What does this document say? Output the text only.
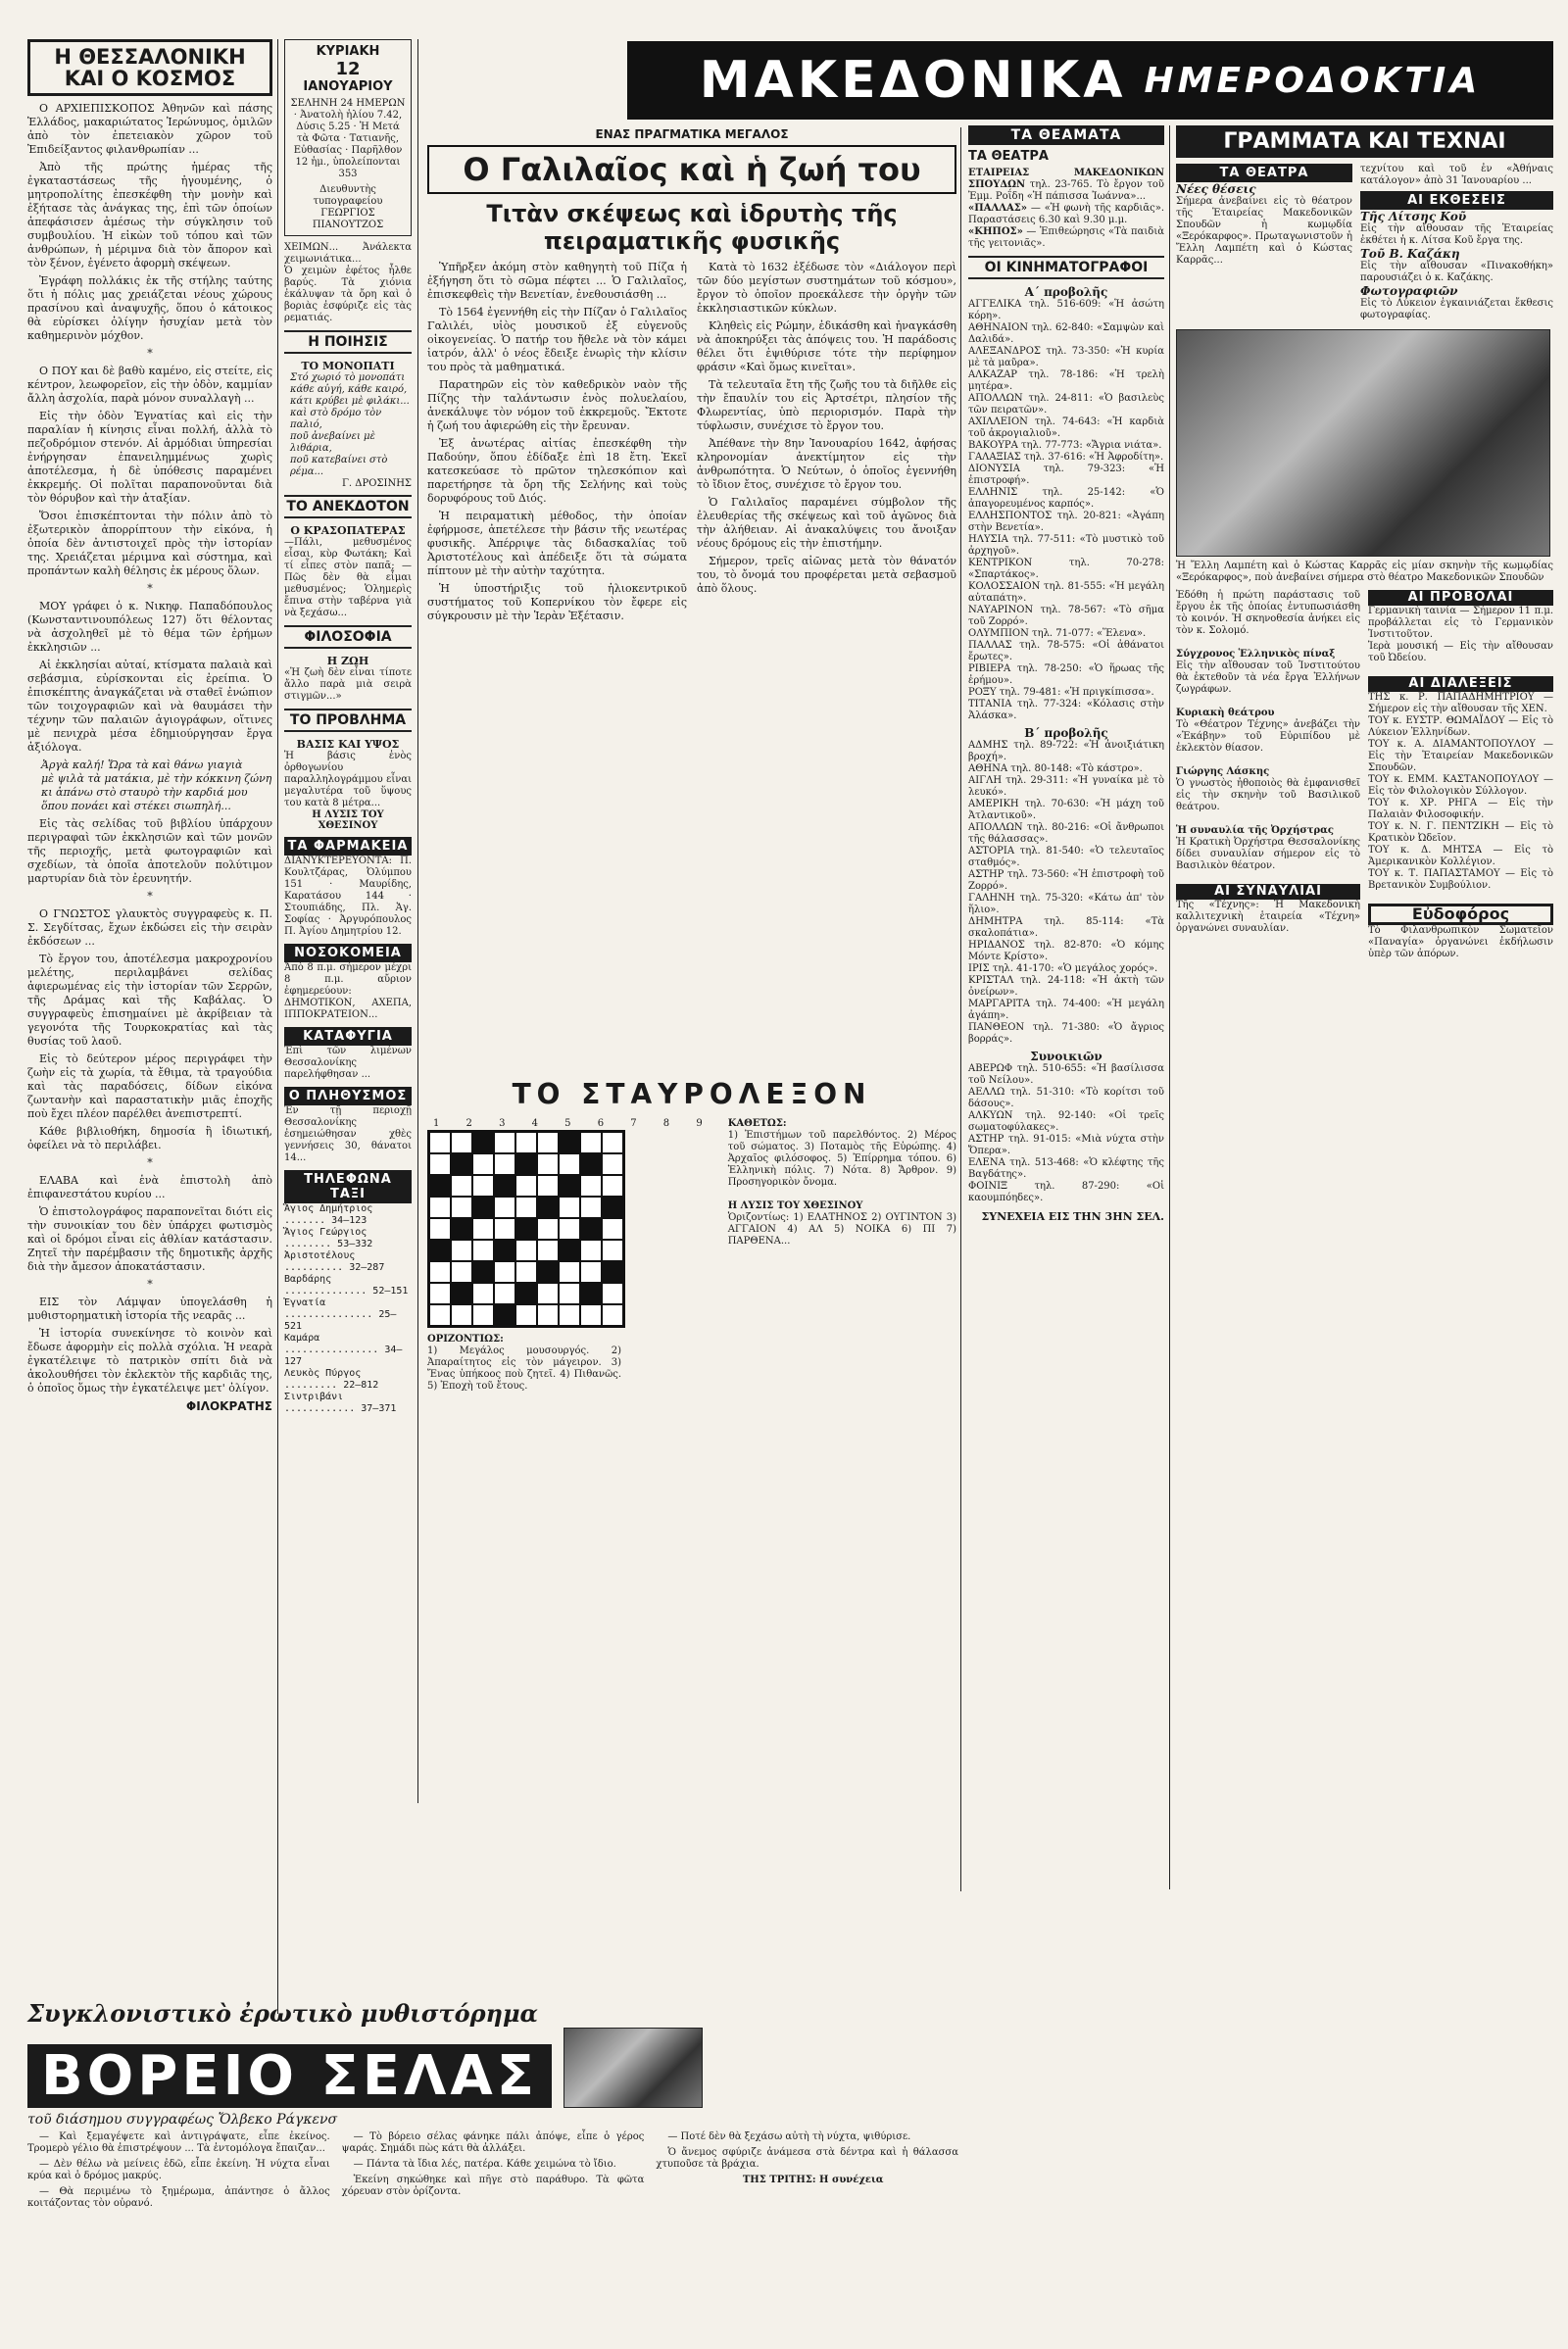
Η ΘΕΣΣΑΛΟΝΙΚΗ
ΚΑΙ Ο ΚΟΣΜΟΣ

Ο ΑΡΧΙΕΠΙΣΚΟΠΟΣ Ἀθηνῶν καὶ πάσης Ἑλλάδος, μακαριώτατος Ἱερώνυμος, ὁμιλῶν ἀπὸ τὸν ἐπετειακὸν χῶρον τοῦ Ἐπιδείξαντος φιλανθρωπίαν ...

Ἀπὸ τῆς πρώτης ἡμέρας τῆς ἐγκαταστάσεως τῆς ἡγουμένης, ὁ μητροπολίτης ἐπεσκέφθη τὴν μονὴν καὶ ἐξήτασε τὰς ἀνάγκας της, ἐπὶ τῶν ὁποίων ἀπεφάσισεν ἀμέσως τὴν σύγκλησιν τοῦ συμβουλίου. Ἡ εἰκὼν τοῦ τόπου καὶ τῶν ἀνθρώπων, ἡ μέριμνα διὰ τὸν ἄπορον καὶ τὸν ξένον, ἐγένετο ἀφορμὴ σκέψεων.

Ἐγράφη πολλάκις ἐκ τῆς στήλης ταύτης ὅτι ἡ πόλις μας χρειάζεται νέους χώρους πρασίνου καὶ ἀναψυχῆς, ὅπου ὁ κάτοικος θὰ εὑρίσκει ὀλίγην ἡσυχίαν μετὰ τὸν καθημερινὸν μόχθον.

*

Ο ΠΟΥ και δὲ βαθὺ καμένο, εἰς στείτε, εἰς κέντρον, λεωφορεῖον, εἰς τὴν ὁδὸν, καμμίαν ἄλλη ἀσχολία, παρὰ μόνον συναλλαγὴ ...

Εἰς τὴν ὁδὸν Ἐγνατίας καὶ εἰς τὴν παραλίαν ἡ κίνησις εἶναι πολλή, ἀλλὰ τὸ πεζοδρόμιον στενόν. Αἱ ἀρμόδιαι ὑπηρεσίαι ἐνήργησαν ἐπανειλημμένως χωρὶς ἀποτέλεσμα, ἡ δὲ ὑπόθεσις παραμένει ἐκκρεμής. Οἱ πολῖται παραπονοῦνται διὰ τὸν θόρυβον καὶ τὴν ἀταξίαν.

Ὅσοι ἐπισκέπτονται τὴν πόλιν ἀπὸ τὸ ἐξωτερικὸν ἀπορρίπτουν τὴν εἰκόνα, ἡ ὁποία δὲν ἀντιστοιχεῖ πρὸς τὴν ἱστορίαν της. Χρειάζεται μέριμνα καὶ σύστημα, καὶ προπάντων καλὴ θέλησις ἐκ μέρους ὅλων.

*

ΜΟΥ γράφει ὁ κ. Νικηφ. Παπαδόπουλος (Κωνσταντινουπόλεως 127) ὅτι θέλοντας νὰ ἀσχοληθεῖ μὲ τὸ θέμα τῶν ἐρήμων ἐκκλησιῶν ...

Αἱ ἐκκλησίαι αὐταί, κτίσματα παλαιὰ καὶ σεβάσμια, εὑρίσκονται εἰς ἐρείπια. Ὁ ἐπισκέπτης ἀναγκάζεται νὰ σταθεῖ ἐνώπιον τῶν τοιχογραφιῶν καὶ νὰ θαυμάσει τὴν τέχνην τῶν παλαιῶν ἁγιογράφων, οἵτινες μὲ πενιχρὰ μέσα ἐδημιούργησαν ἔργα ἀξιόλογα.

Ἀργὰ καλή! Ὥρα τὰ καὶ θάνω γιαγιὰ
μὲ ψιλὰ τὰ ματάκια, μὲ τὴν κόκκινη ζώνη
κι ἀπάνω στὸ σταυρὸ τὴν καρδιά μου
ὅπου πονάει καὶ στέκει σιωπηλή...

Εἰς τὰς σελίδας τοῦ βιβλίου ὑπάρχουν περιγραφαὶ τῶν ἐκκλησιῶν καὶ τῶν μονῶν τῆς περιοχῆς, μετὰ φωτογραφιῶν καὶ σχεδίων, τὰ ὁποῖα ἀποτελοῦν πολύτιμον μαρτυρίαν διὰ τὸν ἐρευνητήν.

*

Ο ΓΝΩΣΤΟΣ γλαυκτὸς συγγραφεὺς κ. Π. Σ. Σεγδίτσας, ἔχων ἐκδώσει εἰς τὴν σειρὰν ἐκδόσεων ...

Τὸ ἔργον του, ἀποτέλεσμα μακροχρονίου μελέτης, περιλαμβάνει σελίδας ἀφιερωμένας εἰς τὴν ἱστορίαν τῶν Σερρῶν, τῆς Δράμας καὶ τῆς Καβάλας. Ὁ συγγραφεὺς ἐπισημαίνει μὲ ἀκρίβειαν τὰ γεγονότα τῆς Τουρκοκρατίας καὶ τὰς θυσίας τοῦ λαοῦ.

Εἰς τὸ δεύτερον μέρος περιγράφει τὴν ζωὴν εἰς τὰ χωρία, τὰ ἔθιμα, τὰ τραγούδια καὶ τὰς παραδόσεις, δίδων εἰκόνα ζωντανὴν καὶ παραστατικὴν μιᾶς ἐποχῆς ποὺ ἔχει πλέον παρέλθει ἀνεπιστρεπτί.

Κάθε βιβλιοθήκη, δημοσία ἢ ἰδιωτική, ὀφείλει νὰ τὸ περιλάβει.

*

ΕΛΑΒΑ καὶ ἑνὰ ἐπιστολὴ ἀπὸ ἐπιφανεστάτου κυρίου ...

Ὁ ἐπιστολογράφος παραπονεῖται διότι εἰς τὴν συνοικίαν του δὲν ὑπάρχει φωτισμὸς καὶ οἱ δρόμοι εἶναι εἰς ἀθλίαν κατάστασιν. Ζητεῖ τὴν παρέμβασιν τῆς δημοτικῆς ἀρχῆς διὰ τὴν ἄμεσον ἀποκατάστασιν.

*

ΕΙΣ τὸν Λάμψαν ὑπογελάσθη ἡ μυθιστορηματικὴ ἱστορία τῆς νεαρᾶς ...

Ἡ ἱστορία συνεκίνησε τὸ κοινὸν καὶ ἔδωσε ἀφορμὴν εἰς πολλὰ σχόλια. Ἡ νεαρὰ ἐγκατέλειψε τὸ πατρικὸν σπίτι διὰ νὰ ἀκολουθήσει τὸν ἐκλεκτὸν τῆς καρδιᾶς της, ὁ ὁποῖος ὅμως τὴν ἐγκατέλειψε μετ' ὀλίγον.

ΦΙΛΟΚΡΑΤΗΣ
ΚΥΡΙΑΚΗ
12
ΙΑΝΟΥΑΡΙΟΥ
ΣΕΛΗΝΗ 24 ΗΜΕΡΩΝ · Ἀνατολὴ ἡλίου 7.42, Δύσις 5.25 · Ἡ Μετά τὰ Φῶτα · Τατιανῆς, Εὐθασίας · Παρῆλθον 12 ἡμ., ὑπολείπονται 353
Διευθυντὴς τυπογραφείου ΓΕΩΡΓΙΟΣ ΠΙΑΝΟΥΤΖΟΣ
ΧΕΙΜΩΝ... Ἀνάλεκτα χειμωνιάτικα...
Ὁ χειμὼν ἐφέτος ἦλθε βαρύς. Τὰ χιόνια ἐκάλυψαν τὰ ὄρη καὶ ὁ βοριὰς ἐσφύριζε εἰς τὰς ρεματιάς.
Η ΠΟΙΗΣΙΣ
ΤΟ ΜΟΝΟΠΑΤΙ
Στό χωριό τὸ μονοπάτι
κάθε αὐγή, κάθε καιρό,
κάτι κρύβει μὲ φιλάκι...
καὶ στὸ δρόμο τὸν παλιό,
ποῦ ἀνεβαίνει μὲ λιθάρια,
ποῦ κατεβαίνει στὸ ρέμα...
Γ. ΔΡΟΣΙΝΗΣ
ΤΟ ΑΝΕΚΔΟΤΟΝ
Ο ΚΡΑΣΟΠΑΤΕΡΑΣ
—Πάλι, μεθυσμένος εἶσαι, κὺρ Φωτάκη; Καὶ τί εἶπες στὸν παπᾶ; —Πῶς δὲν θὰ εἶμαι μεθυσμένος; Ὁλημερὶς ἔπινα στὴν ταβέρνα γιὰ νὰ ξεχάσω...
ΦΙΛΟΣΟΦΙΑ
Η ΖΩΗ
«Ἡ ζωὴ δὲν εἶναι τίποτε ἄλλο παρὰ μιὰ σειρὰ στιγμῶν...»
ΤΟ ΠΡΟΒΛΗΜΑ
ΒΑΣΙΣ ΚΑΙ ΥΨΟΣ
Ἡ βάσις ἑνὸς ὀρθογωνίου παραλληλογράμμου εἶναι μεγαλυτέρα τοῦ ὕψους του κατὰ 8 μέτρα...
Η ΛΥΣΙΣ ΤΟΥ ΧΘΕΣΙΝΟΥ
ΤΑ ΦΑΡΜΑΚΕΙΑ
ΔΙΑΝΥΚΤΕΡΕΥΟΝΤΑ: Π. Κουλτζάρας, Ὀλύμπου 151 · Μαυρίδης, Καρατάσου 144 · Στουπιάδης, Πλ. Ἁγ. Σοφίας · Ἀργυρόπουλος Π. Ἀγίου Δημητρίου 12.
ΝΟΣΟΚΟΜΕΙΑ
Ἀπὸ 8 π.μ. σήμερον μέχρι 8 π.μ. αὔριον ἐφημερεύουν: ΔΗΜΟΤΙΚΟΝ, ΑΧΕΠΑ, ΙΠΠΟΚΡΑΤΕΙΟΝ...
ΚΑΤΑΦΥΓΙΑ
Ἐπὶ τῶν λιμένων Θεσσαλονίκης παρελήφθησαν ...
Ο ΠΛΗΘΥΣΜΟΣ
Ἐν τῇ περιοχῇ Θεσσαλονίκης ἐσημειώθησαν χθὲς γεννήσεις 30, θάνατοι 14...
ΤΗΛΕΦΩΝΑ ΤΑΞΙ
Ἄγιος Δημήτριος ....... 34—123
Ἄγιος Γεώργιος ........ 53—332
Ἀριστοτέλους .......... 32—287
Βαρδάρης .............. 52—151
Ἐγνατία ............... 25—521
Καμάρα ................ 34—127
Λευκὸς Πύργος ......... 22—812
Σιντριβάνι ............ 37—371
ΜΑΚΕΔΟΝΙΚΑ ΗΜΕΡΟΔΟΚΤΙΑ
ΕΝΑΣ ΠΡΑΓΜΑΤΙΚΑ ΜΕΓΑΛΟΣ
Ο Γαλιλαῖος καὶ ἡ ζωή του
Τιτὰν σκέψεως καὶ ἱδρυτὴς τῆς πειραματικῆς φυσικῆς

Ὑπῆρξεν ἀκόμη στὸν καθηγητὴ τοῦ Πίζα ἡ ἐξήγηση ὅτι τὸ σῶμα πέφτει ... Ὁ Γαλιλαῖος, ἐπισκεφθεὶς τὴν Βενετίαν, ἐνεθουσιάσθη ...

Τὸ 1564 ἐγεννήθη εἰς τὴν Πίζαν ὁ Γαλιλαῖος Γαλιλέι, υἱὸς μουσικοῦ ἐξ εὐγενοῦς οἰκογενείας. Ὁ πατήρ του ἤθελε νὰ τὸν κάμει ἰατρόν, ἀλλ' ὁ νέος ἔδειξε ἐνωρὶς τὴν κλίσιν του πρὸς τὰ μαθηματικά.

Παρατηρῶν εἰς τὸν καθεδρικὸν ναὸν τῆς Πίζης τὴν ταλάντωσιν ἑνὸς πολυελαίου, ἀνεκάλυψε τὸν νόμον τοῦ ἐκκρεμοῦς. Ἔκτοτε ἡ ζωή του ἀφιερώθη εἰς τὴν ἔρευναν.

Ἐξ ἀνωτέρας αἰτίας ἐπεσκέφθη τὴν Παδούην, ὅπου ἐδίδαξε ἐπὶ 18 ἔτη. Ἐκεῖ κατεσκεύασε τὸ πρῶτον τηλεσκόπιον καὶ παρετήρησε τὰ ὄρη τῆς Σελήνης καὶ τοὺς δορυφόρους τοῦ Διός.

Ἡ πειραματικὴ μέθοδος, τὴν ὁποίαν ἐφήρμοσε, ἀπετέλεσε τὴν βάσιν τῆς νεωτέρας φυσικῆς. Ἀπέρριψε τὰς διδασκαλίας τοῦ Ἀριστοτέλους καὶ ἀπέδειξε ὅτι τὰ σώματα πίπτουν μὲ τὴν αὐτὴν ταχύτητα.

Ἡ ὑποστήριξις τοῦ ἡλιοκεντρικοῦ συστήματος τοῦ Κοπερνίκου τὸν ἔφερε εἰς σύγκρουσιν μὲ τὴν Ἱερὰν Ἐξέτασιν.

Κατὰ τὸ 1632 ἐξέδωσε τὸν «Διάλογον περὶ τῶν δύο μεγίστων συστημάτων τοῦ κόσμου», ἔργον τὸ ὁποῖον προεκάλεσε τὴν ὀργὴν τῶν ἐκκλησιαστικῶν κύκλων.

Κληθεὶς εἰς Ρώμην, ἐδικάσθη καὶ ἠναγκάσθη νὰ ἀποκηρύξει τὰς ἀπόψεις του. Ἡ παράδοσις θέλει ὅτι ἐψιθύρισε τότε τὴν περίφημον φράσιν «Καὶ ὅμως κινεῖται».

Τὰ τελευταῖα ἔτη τῆς ζωῆς του τὰ διῆλθε εἰς τὴν ἔπαυλίν του εἰς Ἀρτσέτρι, πλησίον τῆς Φλωρεντίας, ὑπὸ περιορισμόν. Παρὰ τὴν τύφλωσιν, συνέχισε τὸ ἔργον του.

Ἀπέθανε τὴν 8ην Ἰανουαρίου 1642, ἀφήσας κληρονομίαν ἀνεκτίμητον εἰς τὴν ἀνθρωπότητα. Ὁ Νεύτων, ὁ ὁποῖος ἐγεννήθη τὸ ἴδιον ἔτος, συνέχισε τὸ ἔργον του.

Ὁ Γαλιλαῖος παραμένει σύμβολον τῆς ἐλευθερίας τῆς σκέψεως καὶ τοῦ ἀγῶνος διὰ τὴν ἀλήθειαν. Αἱ ἀνακαλύψεις του ἄνοιξαν νέους δρόμους εἰς τὴν ἐπιστήμην.

Σήμερον, τρεῖς αἰῶνας μετὰ τὸν θάνατόν του, τὸ ὄνομά του προφέρεται μετὰ σεβασμοῦ ἀπὸ ὅλους.

ΤΟ ΣΤΑΥΡΟΛΕΞΟΝ
1 2 3 4 5 6 7 8 9
ΟΡΙΖΟΝΤΙΩΣ:
1) Μεγάλος μουσουργός. 2) Ἀπαραίτητος εἰς τὸν μάγειρον. 3) Ἔνας ὑπήκοος ποὺ ζητεῖ. 4) Πιθανῶς. 5) Ἐποχὴ τοῦ ἔτους.
ΚΑΘΕΤΩΣ:
1) Ἐπιστήμων τοῦ παρελθόντος. 2) Μέρος τοῦ σώματος. 3) Ποταμὸς τῆς Εὐρώπης. 4) Ἀρχαῖος φιλόσοφος. 5) Ἐπίρρημα τόπου. 6) Ἑλληνικὴ πόλις. 7) Νότα. 8) Ἄρθρον. 9) Προσηγορικὸν ὄνομα.

Η ΛΥΣΙΣ ΤΟΥ ΧΘΕΣΙΝΟΥ
Ὁριζοντίως: 1) ΕΛΑΤΗΝΟΣ 2) ΟΥΓΙΝΤΟΝ 3) ΑΓΓΑΙΟΝ 4) ΑΛ 5) ΝΟΙΚΑ 6) ΠΙ 7) ΠΑΡΘΕΝΑ...
ΤΑ ΘΕΑΜΑΤΑ
ΤΑ ΘΕΑΤΡΑ
ΕΤΑΙΡΕΙΑΣ ΜΑΚΕΔΟΝΙΚΩΝ ΣΠΟΥΔΩΝ τηλ. 23-765. Τὸ ἔργον τοῦ Ἐμμ. Ροΐδη «Ἡ πάπισσα Ἰωάννα»...
«ΠΑΛΛΑΣ» — «Ἡ φωνὴ τῆς καρδιᾶς». Παραστάσεις 6.30 καὶ 9.30 μ.μ.
«ΚΗΠΟΣ» — Ἐπιθεώρησις «Τὰ παιδιὰ τῆς γειτονιᾶς».
ΟΙ ΚΙΝΗΜΑΤΟΓΡΑΦΟΙ
Α΄ προβολῆς
ΑΓΓΕΛΙΚΑ τηλ. 516-609: «Ἡ ἀσώτη κόρη».
ΑΘΗΝΑΙΟΝ τηλ. 62-840: «Σαμψὼν καὶ Δαλιδά».
ΑΛΕΞΑΝΔΡΟΣ τηλ. 73-350: «Ἡ κυρία μὲ τὰ μαῦρα».
ΑΛΚΑΖΑΡ τηλ. 78-186: «Ἡ τρελὴ μητέρα».
ΑΠΟΛΛΩΝ τηλ. 24-811: «Ὁ βασιλεὺς τῶν πειρατῶν».
ΑΧΙΛΛΕΙΟΝ τηλ. 74-643: «Ἡ καρδιὰ τοῦ ἀκρογιαλιοῦ».
ΒΑΚΟΥΡΑ τηλ. 77-773: «Ἄγρια νιάτα».
ΓΑΛΑΞΙΑΣ τηλ. 37-616: «Ἡ Ἀφροδίτη».
ΔΙΟΝΥΣΙΑ τηλ. 79-323: «Ἡ ἐπιστροφή».
ΕΛΛΗΝΙΣ τηλ. 25-142: «Ὁ ἀπαγορευμένος καρπός».
ΕΛΛΗΣΠΟΝΤΟΣ τηλ. 20-821: «Ἀγάπη στὴν Βενετία».
ΗΛΥΣΙΑ τηλ. 77-511: «Τὸ μυστικὸ τοῦ ἀρχηγοῦ».
ΚΕΝΤΡΙΚΟΝ τηλ. 70-278: «Σπαρτάκος».
ΚΟΛΟΣΣΑΙΟΝ τηλ. 81-555: «Ἡ μεγάλη αὐταπάτη».
ΝΑΥΑΡΙΝΟΝ τηλ. 78-567: «Τὸ σῆμα τοῦ Ζορρό».
ΟΛΥΜΠΙΟΝ τηλ. 71-077: «Ἕλενα».
ΠΑΛΛΑΣ τηλ. 78-575: «Οἱ ἀθάνατοι ἔρωτες».
ΡΙΒΙΕΡΑ τηλ. 78-250: «Ὁ ἥρωας τῆς ἐρήμου».
ΡΟΞΥ τηλ. 79-481: «Ἡ πριγκίπισσα».
ΤΙΤΑΝΙΑ τηλ. 77-324: «Κόλασις στὴν Ἀλάσκα».
Β΄ προβολῆς
ΑΔΜΗΣ τηλ. 89-722: «Ἡ ἀνοιξιάτικη βροχή».
ΑΘΗΝΑ τηλ. 80-148: «Τὸ κάστρο».
ΑΙΓΛΗ τηλ. 29-311: «Ἡ γυναίκα μὲ τὸ λευκό».
ΑΜΕΡΙΚΗ τηλ. 70-630: «Ἡ μάχη τοῦ Ἀτλαντικοῦ».
ΑΠΟΛΛΩΝ τηλ. 80-216: «Οἱ ἄνθρωποι τῆς θάλασσας».
ΑΣΤΟΡΙΑ τηλ. 81-540: «Ὁ τελευταῖος σταθμός».
ΑΣΤΗΡ τηλ. 73-560: «Ἡ ἐπιστροφὴ τοῦ Ζορρό».
ΓΑΛΗΝΗ τηλ. 75-320: «Κάτω ἀπ' τὸν ἥλιο».
ΔΗΜΗΤΡΑ τηλ. 85-114: «Τὰ σκαλοπάτια».
ΗΡΙΔΑΝΟΣ τηλ. 82-870: «Ὁ κόμης Μόντε Κρίστο».
ΙΡΙΣ τηλ. 41-170: «Ὁ μεγάλος χορός».
ΚΡΙΣΤΑΛ τηλ. 24-118: «Ἡ ἀκτὴ τῶν ὀνείρων».
ΜΑΡΓΑΡΙΤΑ τηλ. 74-400: «Ἡ μεγάλη ἀγάπη».
ΠΑΝΘΕΟΝ τηλ. 71-380: «Ὁ ἄγριος βορράς».
Συνοικιῶν
ΑΒΕΡΩΦ τηλ. 510-655: «Ἡ βασίλισσα τοῦ Νείλου».
ΑΕΛΛΩ τηλ. 51-310: «Τὸ κορίτσι τοῦ δάσους».
ΑΛΚΥΩΝ τηλ. 92-140: «Οἱ τρεῖς σωματοφύλακες».
ΑΣΤΗΡ τηλ. 91-015: «Μιὰ νύχτα στὴν Ὄπερα».
ΕΛΕΝΑ τηλ. 513-468: «Ὁ κλέφτης τῆς Βαγδάτης».
ΦΟΙΝΙΞ τηλ. 87-290: «Οἱ καουμπόηδες».
ΣΥΝΕΧΕΙΑ ΕΙΣ ΤΗΝ 3ΗΝ ΣΕΛ.
ΓΡΑΜΜΑΤΑ ΚΑΙ ΤΕΧΝΑΙ
ΤΑ ΘΕΑΤΡΑ
Νέες θέσεις
Σήμερα ἀνεβαίνει εἰς τὸ θέατρον τῆς Ἑταιρείας Μακεδονικῶν Σπουδῶν ἡ κωμῳδία «Ξερόκαρφος». Πρωταγωνιστοῦν ἡ Ἔλλη Λαμπέτη καὶ ὁ Κώστας Καρρᾶς...
τεχνίτου καὶ τοῦ ἐν «Ἀθήναις κατάλογον» ἀπὸ 31 Ἰανουαρίου ...
ΑΙ ΕΚΘΕΣΕΙΣ
Τῆς Λίτσης Κοῦ
Εἰς τὴν αἴθουσαν τῆς Ἐταιρείας ἐκθέτει ἡ κ. Λίτσα Κοῦ ἔργα της.
Τοῦ Β. Καζάκη
Εἰς τὴν αἴθουσαν «Πινακοθήκη» παρουσιάζει ὁ κ. Καζάκης.
Φωτογραφιῶν
Εἰς τὸ Λύκειον ἐγκαινιάζεται ἔκθεσις φωτογραφίας.
Ἡ Ἔλλη Λαμπέτη καὶ ὁ Κώστας Καρρᾶς εἰς μίαν σκηνὴν τῆς κωμῳδίας «Ξερόκαρφος», ποὺ ἀνεβαίνει σήμερα στὸ θέατρο Μακεδονικῶν Σπουδῶν
Ἐδόθη ἡ πρώτη παράστασις τοῦ ἔργου ἐκ τῆς ὁποίας ἐντυπωσιάσθη τὸ κοινόν. Ἡ σκηνοθεσία ἀνήκει εἰς τὸν κ. Σολομό.

Σύγχρονος Ἑλληνικὸς πίναξ
Εἰς τὴν αἴθουσαν τοῦ Ἰνστιτούτου θὰ ἐκτεθοῦν τὰ νέα ἔργα Ἑλλήνων ζωγράφων.

Κυριακὴ θεάτρου
Τὸ «Θέατρον Τέχνης» ἀνεβάζει τὴν «Ἑκάβην» τοῦ Εὐριπίδου μὲ ἐκλεκτὸν θίασον.

Γιώργης Λάσκης
Ὁ γνωστὸς ἠθοποιὸς θὰ ἐμφανισθεῖ εἰς τὴν σκηνὴν τοῦ Βασιλικοῦ θεάτρου.

Ἡ συναυλία τῆς Ὀρχήστρας
Ἡ Κρατικὴ Ὀρχήστρα Θεσσαλονίκης δίδει συναυλίαν σήμερον εἰς τὸ Βασιλικὸν θέατρον.

ΑΙ ΣΥΝΑΥΛΙΑΙ
Τῆς «Τέχνης»: Ἡ Μακεδονικὴ καλλιτεχνικὴ ἑταιρεία «Τέχνη» ὀργανώνει συναυλίαν.
ΑΙ ΠΡΟΒΟΛΑΙ
Γερμανικὴ ταινία — Σήμερον 11 π.μ. προβάλλεται εἰς τὸ Γερμανικὸν Ἰνστιτοῦτον.
Ἱερὰ μουσική — Εἰς τὴν αἴθουσαν τοῦ Ὠδείου.

ΑΙ ΔΙΑΛΕΞΕΙΣ
ΤΗΣ κ. Ρ. ΠΑΠΑΔΗΜΗΤΡΙΟΥ — Σήμερον εἰς τὴν αἴθουσαν τῆς ΧΕΝ.
ΤΟΥ κ. ΕΥΣΤΡ. ΘΩΜΑΪΔΟΥ — Εἰς τὸ Λύκειον Ἑλληνίδων.
ΤΟΥ κ. Α. ΔΙΑΜΑΝΤΟΠΟΥΛΟΥ — Εἰς τὴν Ἑταιρείαν Μακεδονικῶν Σπουδῶν.
ΤΟΥ κ. ΕΜΜ. ΚΑΣΤΑΝΟΠΟΥΛΟΥ — Εἰς τὸν Φιλολογικὸν Σύλλογον.
ΤΟΥ κ. ΧΡ. ΡΗΓΑ — Εἰς τὴν Παλαιὰν Φιλοσοφικήν.
ΤΟΥ κ. Ν. Γ. ΠΕΝΤΖΙΚΗ — Εἰς τὸ Κρατικὸν Ὠδεῖον.
ΤΟΥ κ. Δ. ΜΗΤΣΑ — Εἰς τὸ Ἀμερικανικὸν Κολλέγιον.
ΤΟΥ κ. Τ. ΠΑΠΑΣΤΑΜΟΥ — Εἰς τὸ Βρετανικὸν Συμβούλιον.

Εὐδοφόρος
Τὸ Φιλανθρωπικὸν Σωματεῖον «Παναγία» ὀργανώνει ἐκδήλωσιν ὑπὲρ τῶν ἀπόρων.
Συγκλονιστικὸ ἐρωτικὸ μυθιστόρημα
ΒΟΡΕΙΟ ΣΕΛΑΣ
τοῦ διάσημου συγγραφέως Ὄλβεκο Ράγκενσ

— Καὶ ξεμαγέψετε καὶ ἀντιγράψατε, εἶπε ἐκείνος. Τρομερὸ γέλιο θὰ ἐπιστρέψουν ... Τὰ ἐντομόλογα ἔπαιζαν...

— Δὲν θέλω νὰ μείνεις ἐδῶ, εἶπε ἐκείνη. Ἡ νύχτα εἶναι κρύα καὶ ὁ δρόμος μακρύς.

— Θὰ περιμένω τὸ ξημέρωμα, ἀπάντησε ὁ ἄλλος κοιτάζοντας τὸν οὐρανό.

— Τὸ βόρειο σέλας φάνηκε πάλι ἀπόψε, εἶπε ὁ γέρος ψαράς. Σημάδι πὼς κάτι θὰ ἀλλάξει.

— Πάντα τὰ ἴδια λές, πατέρα. Κάθε χειμώνα τὸ ἴδιο.

Ἐκείνη σηκώθηκε καὶ πῆγε στὸ παράθυρο. Τὰ φῶτα χόρευαν στὸν ὁρίζοντα.

— Ποτέ δὲν θὰ ξεχάσω αὐτὴ τὴ νύχτα, ψιθύρισε.

Ὁ ἄνεμος σφύριζε ἀνάμεσα στὰ δέντρα καὶ ἡ θάλασσα χτυποῦσε τὰ βράχια.

ΤΗΣ ΤΡΙΤΗΣ: Η συνέχεια
